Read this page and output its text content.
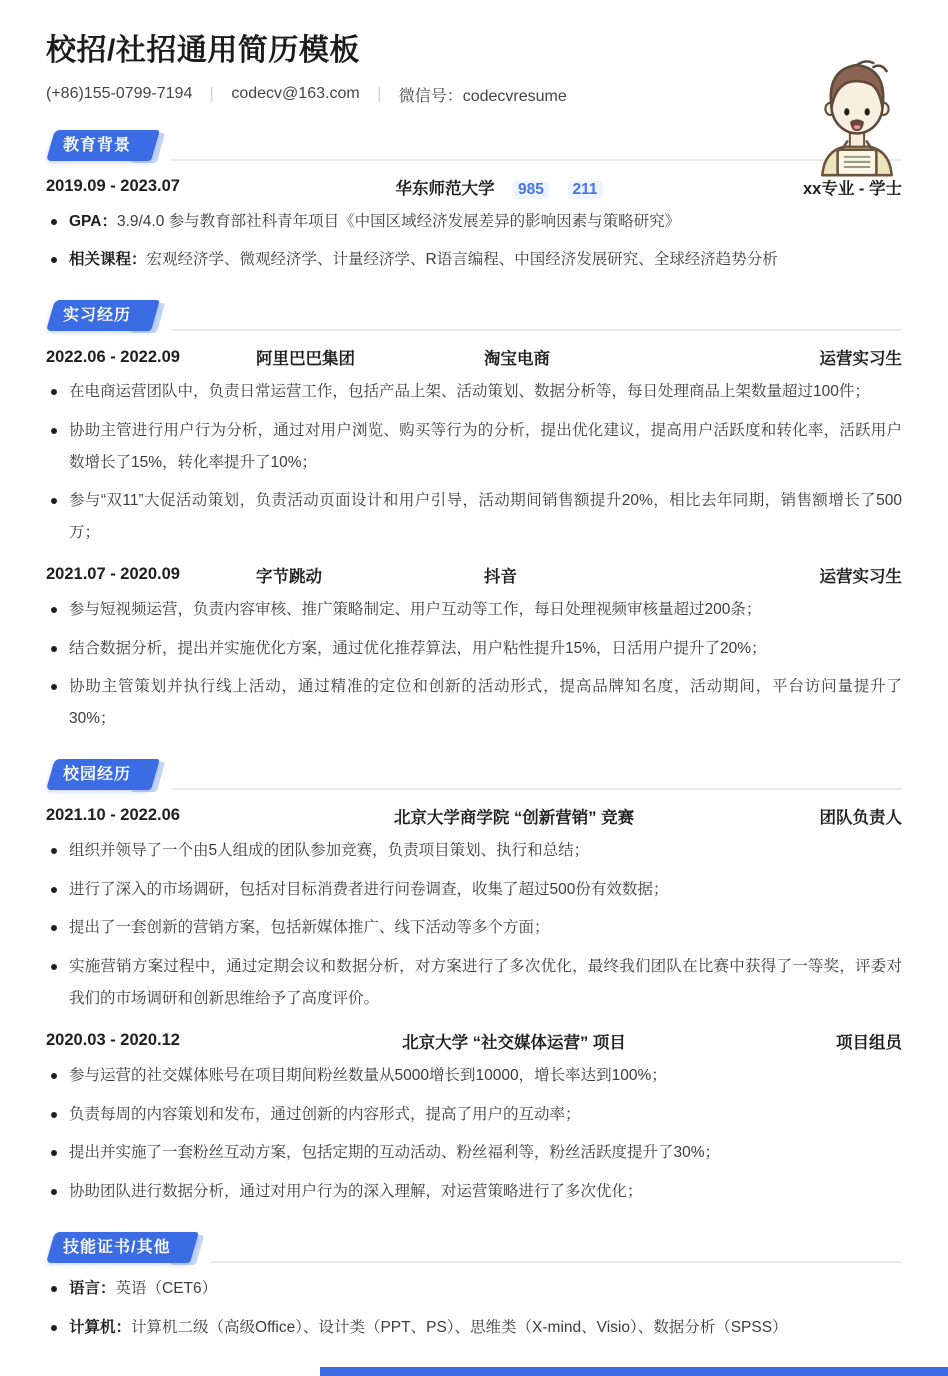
校招/社招通用简历模板
(+86)155-0799-7194 ｜ codecv@163.com ｜ 微信号：codecvresume
教育背景
2019.09 - 2023.07	华东师范大学 985 211	xx专业 - 学士
GPA：3.9/4.0 参与教育部社科青年项目《中国区域经济发展差异的影响因素与策略研究》
相关课程：宏观经济学、微观经济学、计量经济学、R语言编程、中国经济发展研究、全球经济趋势分析
实习经历
2022.06 - 2022.09	阿里巴巴集团	淘宝电商	运营实习生
在电商运营团队中，负责日常运营工作，包括产品上架、活动策划、数据分析等，每日处理商品上架数量超过100件；
协助主管进行用户行为分析，通过对用户浏览、购买等行为的分析，提出优化建议，提高用户活跃度和转化率，活跃用户数增长了15%，转化率提升了10%；
参与“双11”大促活动策划，负责活动页面设计和用户引导，活动期间销售额提升20%，相比去年同期，销售额增长了500万；
2021.07 - 2020.09	字节跳动	抖音	运营实习生
参与短视频运营，负责内容审核、推广策略制定、用户互动等工作，每日处理视频审核量超过200条；
结合数据分析，提出并实施优化方案，通过优化推荐算法，用户粘性提升15%，日活用户提升了20%；
协助主管策划并执行线上活动，通过精准的定位和创新的活动形式，提高品牌知名度，活动期间，平台访问量提升了30%；
校园经历
2021.10 - 2022.06	北京大学商学院 “创新营销” 竞赛	团队负责人
组织并领导了一个由5人组成的团队参加竞赛，负责项目策划、执行和总结；
进行了深入的市场调研，包括对目标消费者进行问卷调查，收集了超过500份有效数据；
提出了一套创新的营销方案，包括新媒体推广、线下活动等多个方面；
实施营销方案过程中，通过定期会议和数据分析，对方案进行了多次优化，最终我们团队在比赛中获得了一等奖，评委对我们的市场调研和创新思维给予了高度评价。
2020.03 - 2020.12	北京大学 “社交媒体运营” 项目	项目组员
参与运营的社交媒体账号在项目期间粉丝数量从5000增长到10000，增长率达到100%；
负责每周的内容策划和发布，通过创新的内容形式，提高了用户的互动率；
提出并实施了一套粉丝互动方案，包括定期的互动活动、粉丝福利等，粉丝活跃度提升了30%；
协助团队进行数据分析，通过对用户行为的深入理解，对运营策略进行了多次优化；
技能证书/其他
语言：英语（CET6）
计算机：计算机二级（高级Office）、设计类（PPT、PS）、思维类（X-mind、Visio）、数据分析（SPSS）
